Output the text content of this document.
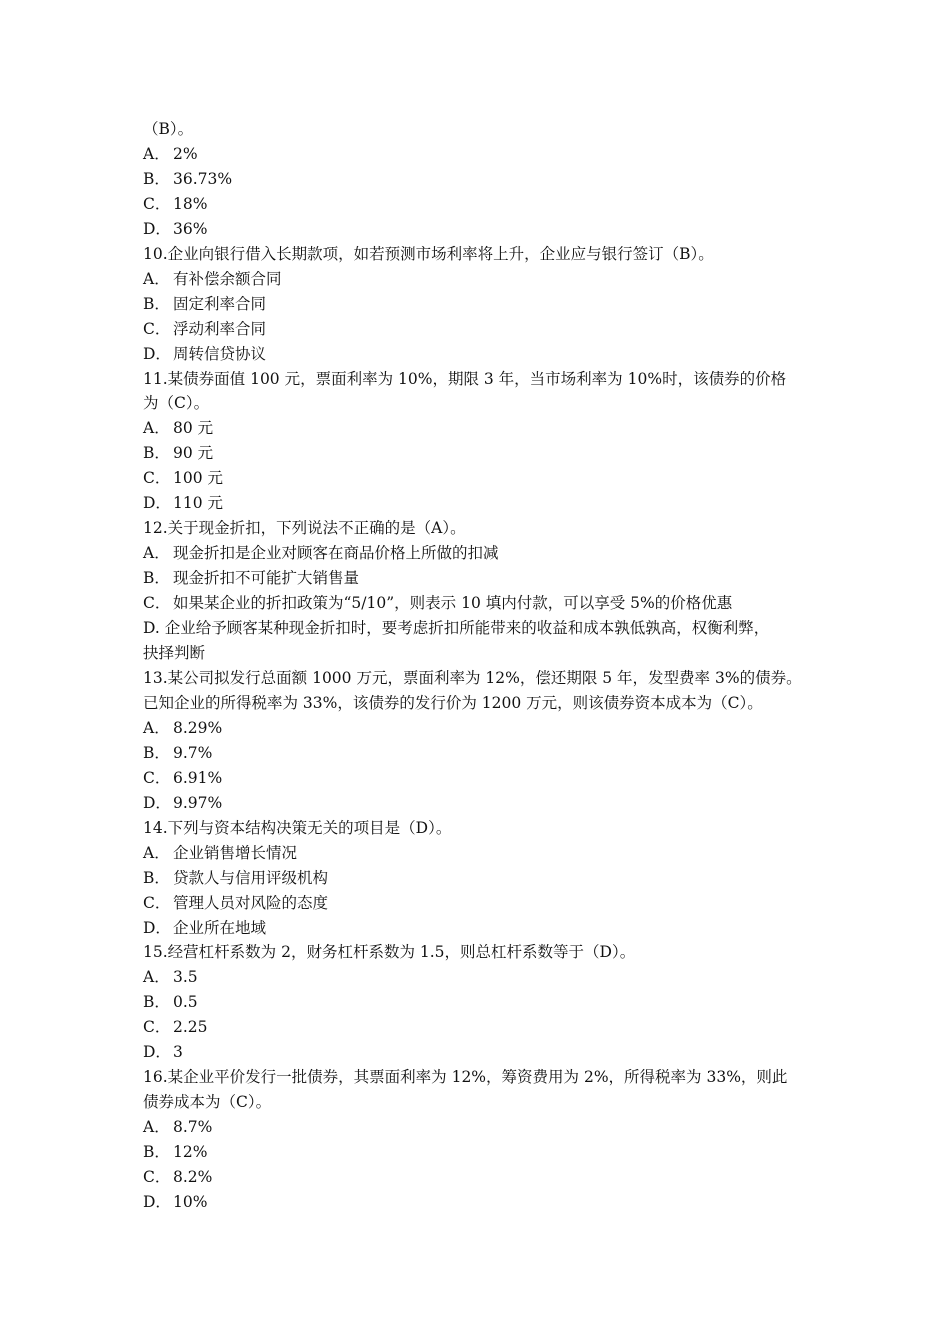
（B）。
A． 2%
B． 36.73%
C． 18%
D． 36%
10.企业向银行借入长期款项，如若预测市场利率将上升，企业应与银行签订（B）。
A． 有补偿余额合同
B． 固定利率合同
C． 浮动利率合同
D． 周转信贷协议
11.某债券面值 100 元，票面利率为 10%，期限 3 年，当市场利率为 10%时，该债券的价格
为（C）。
A． 80 元
B． 90 元
C． 100 元
D． 110 元
12.关于现金折扣，下列说法不正确的是（A）。
A． 现金折扣是企业对顾客在商品价格上所做的扣减
B． 现金折扣不可能扩大销售量
C． 如果某企业的折扣政策为“5/10”，则表示 10 填内付款，可以享受 5%的价格优惠
D. 企业给予顾客某种现金折扣时，要考虑折扣所能带来的收益和成本孰低孰高，权衡利弊，
抉择判断
13.某公司拟发行总面额 1000 万元，票面利率为 12%，偿还期限 5 年，发型费率 3%的债券。
已知企业的所得税率为 33%，该债券的发行价为 1200 万元，则该债券资本成本为（C）。
A． 8.29%
B． 9.7%
C． 6.91%
D． 9.97%
14.下列与资本结构决策无关的项目是（D）。
A． 企业销售增长情况
B． 贷款人与信用评级机构
C． 管理人员对风险的态度
D． 企业所在地域
15.经营杠杆系数为 2，财务杠杆系数为 1.5，则总杠杆系数等于（D）。
A． 3.5
B． 0.5
C． 2.25
D． 3
16.某企业平价发行一批债券，其票面利率为 12%，筹资费用为 2%，所得税率为 33%，则此
债券成本为（C）。
A． 8.7%
B． 12%
C． 8.2%
D． 10%
